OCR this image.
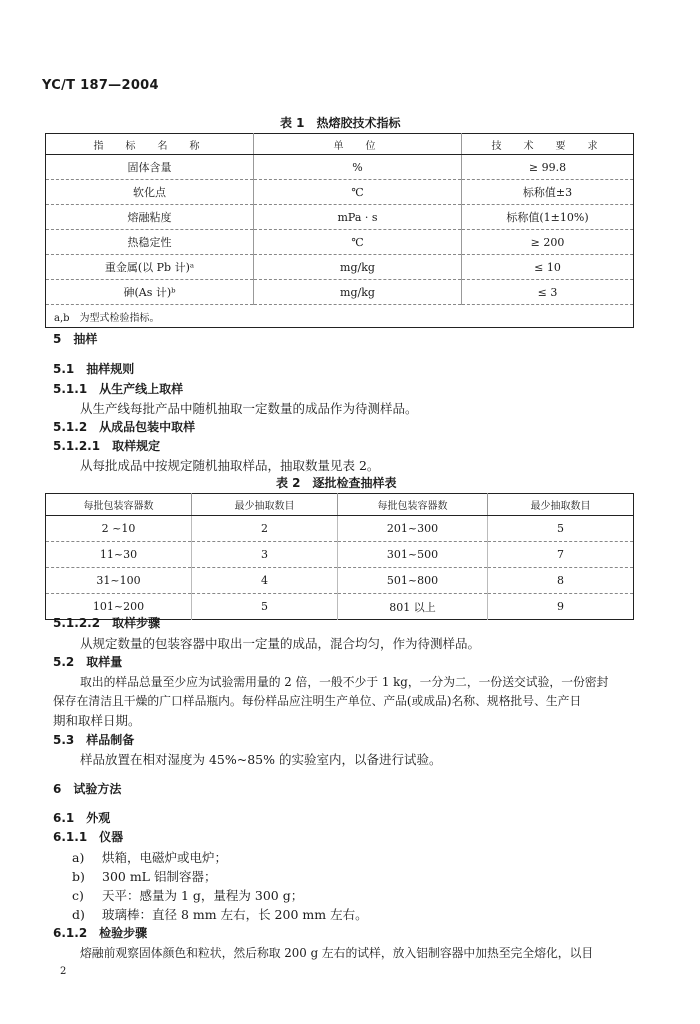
YC/T 187—2004
表 1　热熔胶技术指标
指　标　名　称	单　位	技　术　要　求
固体含量	%	≥ 99.8
软化点	℃	标称值±3
熔融粘度	mPa · s	标称值(1±10%)
热稳定性	℃	≥ 200
重金属(以 Pb 计)ᵃ	mg/kg	≤ 10
砷(As 计)ᵇ	mg/kg	≤ 3
a,b　为型式检验指标。		
5 抽样
5.1 抽样规则
5.1.1 从生产线上取样
从生产线每批产品中随机抽取一定数量的成品作为待测样品。
5.1.2 从成品包装中取样
5.1.2.1 取样规定
从每批成品中按规定随机抽取样品，抽取数量见表 2。
表 2　逐批检查抽样表
每批包装容器数	最少抽取数目	每批包装容器数	最少抽取数目
2 ~10	2	201~300	5
11~30	3	301~500	7
31~100	4	501~800	8
101~200	5	801 以上	9
5.1.2.2 取样步骤
从规定数量的包装容器中取出一定量的成品，混合均匀，作为待测样品。
5.2 取样量
取出的样品总量至少应为试验需用量的 2 倍，一般不少于 1 kg，一分为二，一份送交试验，一份密封
保存在清洁且干燥的广口样品瓶内。每份样品应注明生产单位、产品(或成品)名称、规格批号、生产日
期和取样日期。
5.3 样品制备
样品放置在相对湿度为 45%~85% 的实验室内，以备进行试验。
6 试验方法
6.1 外观
6.1.1 仪器
a) 烘箱，电磁炉或电炉；
b) 300 mL 铝制容器；
c) 天平：感量为 1 g，量程为 300 g；
d) 玻璃棒：直径 8 mm 左右，长 200 mm 左右。
6.1.2 检验步骤
熔融前观察固体颜色和粒状，然后称取 200 g 左右的试样，放入铝制容器中加热至完全熔化，以目
2
